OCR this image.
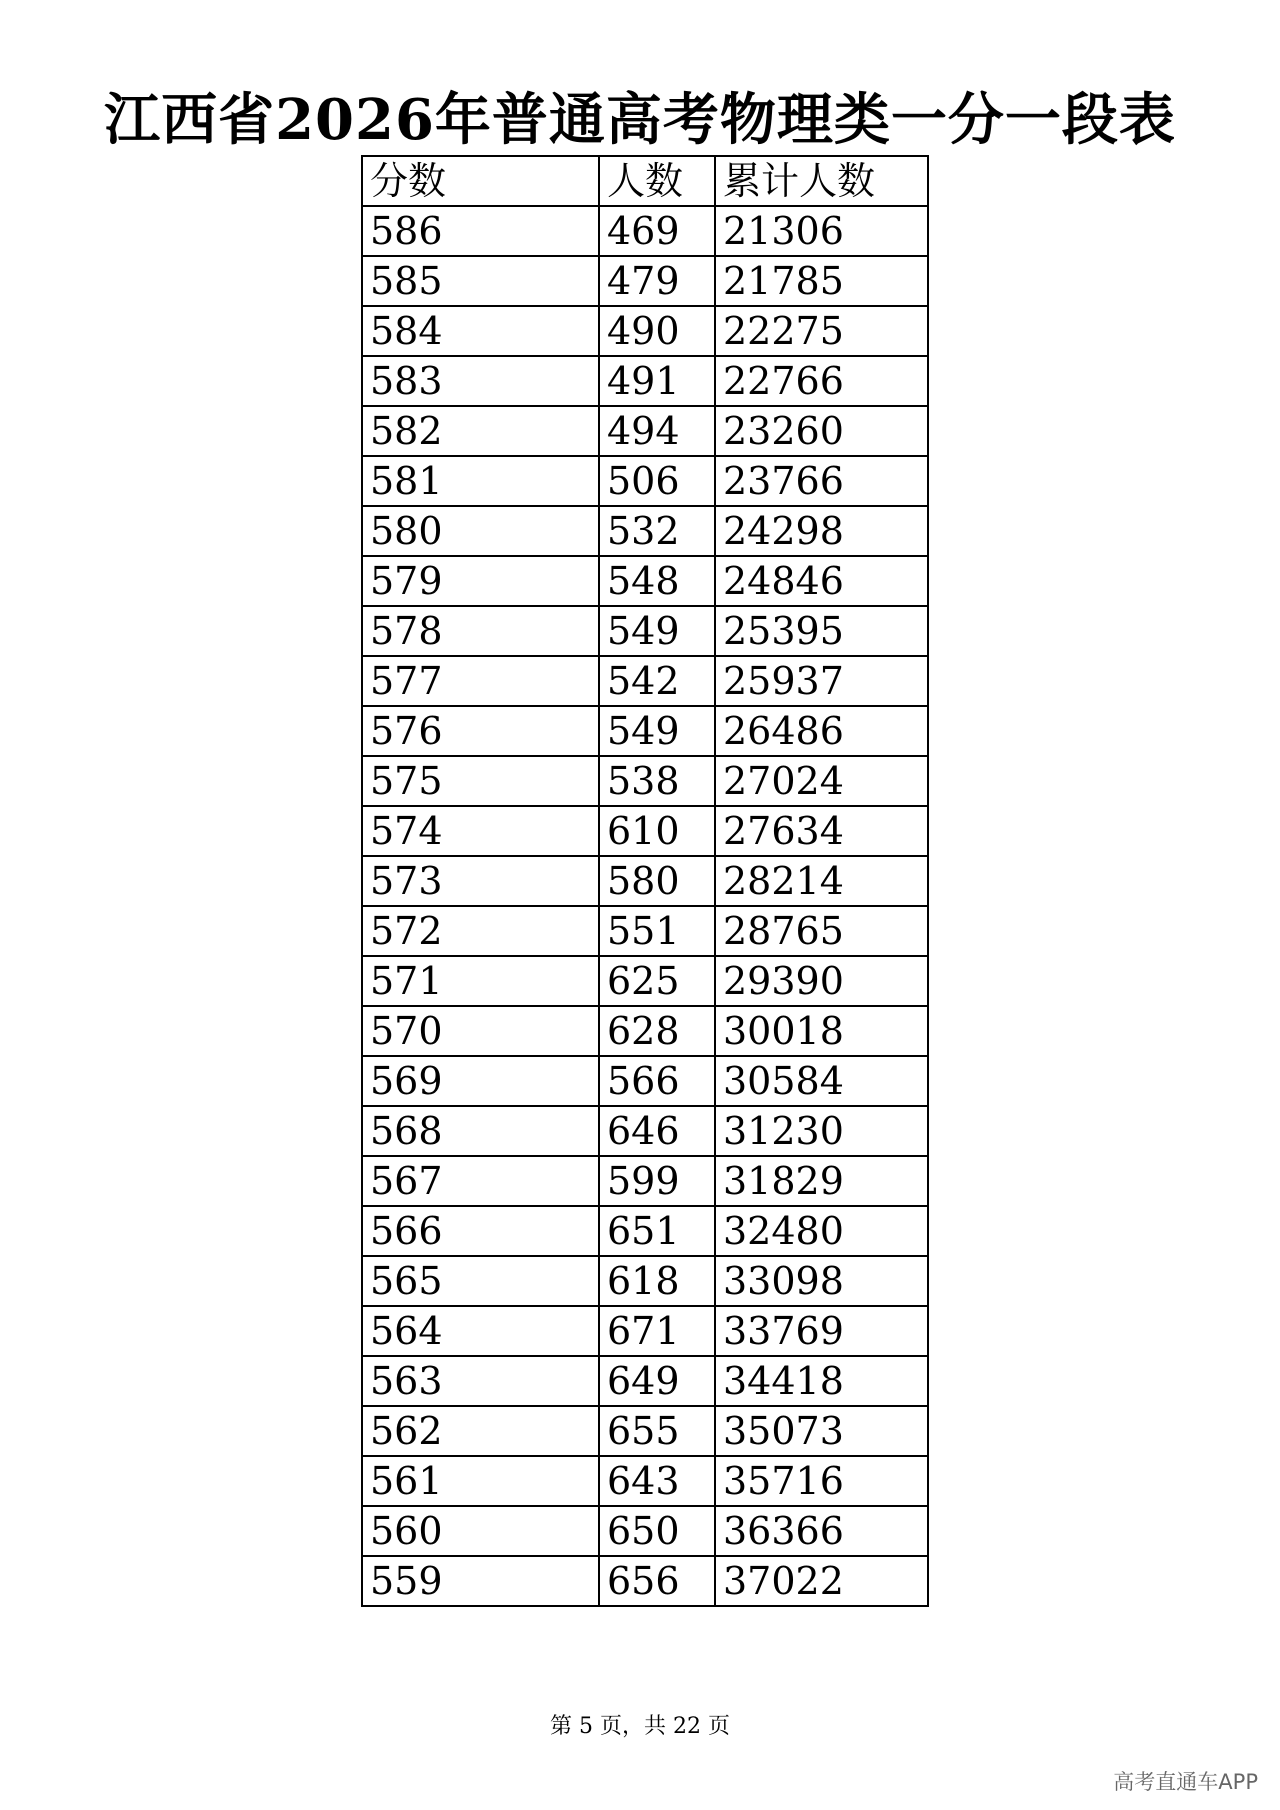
江西省2026年普通高考物理类一分一段表
分数	人数	累计人数
586	469	21306
585	479	21785
584	490	22275
583	491	22766
582	494	23260
581	506	23766
580	532	24298
579	548	24846
578	549	25395
577	542	25937
576	549	26486
575	538	27024
574	610	27634
573	580	28214
572	551	28765
571	625	29390
570	628	30018
569	566	30584
568	646	31230
567	599	31829
566	651	32480
565	618	33098
564	671	33769
563	649	34418
562	655	35073
561	643	35716
560	650	36366
559	656	37022
第 5 页，共 22 页
高考直通车APP
